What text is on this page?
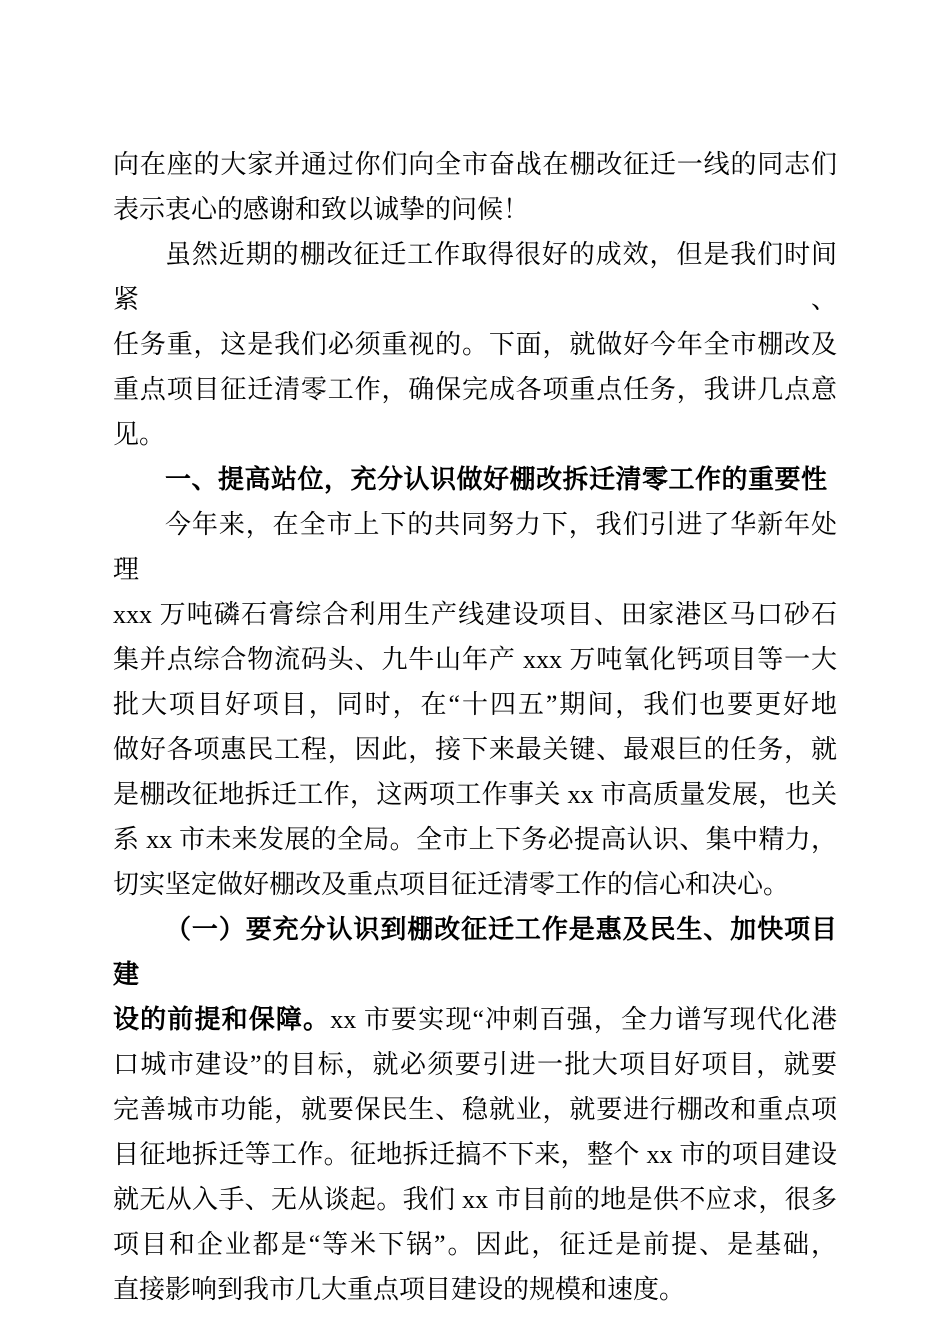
向在座的大家并通过你们向全市奋战在棚改征迁一线的同志们
表示衷心的感谢和致以诚挚的问候！
虽然近期的棚改征迁工作取得很好的成效，但是我们时间紧、
任务重，这是我们必须重视的。下面，就做好今年全市棚改及
重点项目征迁清零工作，确保完成各项重点任务，我讲几点意
见。
一、提高站位，充分认识做好棚改拆迁清零工作的重要性
今年来，在全市上下的共同努力下，我们引进了华新年处理
xxx 万吨磷石膏综合利用生产线建设项目、田家港区马口砂石
集并点综合物流码头、九牛山年产 xxx 万吨氧化钙项目等一大
批大项目好项目，同时，在“十四五”期间，我们也要更好地
做好各项惠民工程，因此，接下来最关键、最艰巨的任务，就
是棚改征地拆迁工作，这两项工作事关 xx 市高质量发展，也关
系 xx 市未来发展的全局。全市上下务必提高认识、集中精力，
切实坚定做好棚改及重点项目征迁清零工作的信心和决心。
（一）要充分认识到棚改征迁工作是惠及民生、加快项目建
设的前提和保障。xx 市要实现“冲刺百强，全力谱写现代化港
口城市建设”的目标，就必须要引进一批大项目好项目，就要
完善城市功能，就要保民生、稳就业，就要进行棚改和重点项
目征地拆迁等工作。征地拆迁搞不下来，整个 xx 市的项目建设
就无从入手、无从谈起。我们 xx 市目前的地是供不应求，很多
项目和企业都是“等米下锅”。因此，征迁是前提、是基础，
直接影响到我市几大重点项目建设的规模和速度。
